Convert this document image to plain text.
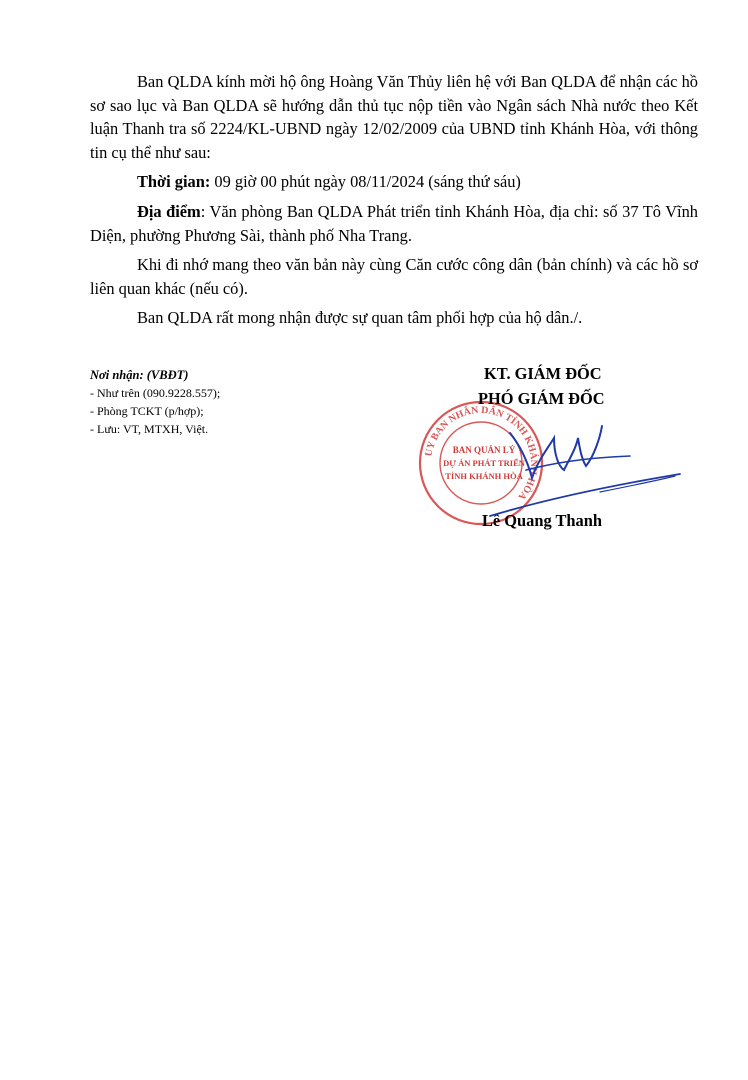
Ban QLDA kính mời hộ ông Hoàng Văn Thủy liên hệ với Ban QLDA để nhận các hồ sơ sao lục và Ban QLDA sẽ hướng dẫn thủ tục nộp tiền vào Ngân sách Nhà nước theo Kết luận Thanh tra số 2224/KL-UBND ngày 12/02/2009 của UBND tỉnh Khánh Hòa, với thông tin cụ thể như sau:

Thời gian: 09 giờ 00 phút ngày 08/11/2024 (sáng thứ sáu)

Địa điểm: Văn phòng Ban QLDA Phát triển tỉnh Khánh Hòa, địa chỉ: số 37 Tô Vĩnh Diện, phường Phương Sài, thành phố Nha Trang.

Khi đi nhớ mang theo văn bản này cùng Căn cước công dân (bản chính) và các hồ sơ liên quan khác (nếu có).

Ban QLDA rất mong nhận được sự quan tâm phối hợp của hộ dân./.

Nơi nhận: (VBĐT)
- Như trên (090.9228.557);
- Phòng TCKT (p/hợp);
- Lưu: VT, MTXH, Việt.
UY BAN NHÂN DÂN TỈNH KHÁNH HÒA
BAN QUẢN LÝ
DỰ ÁN PHÁT TRIỂN
TỈNH KHÁNH HÒA
KT. GIÁM ĐỐC
PHÓ GIÁM ĐỐC
Lê Quang Thanh
